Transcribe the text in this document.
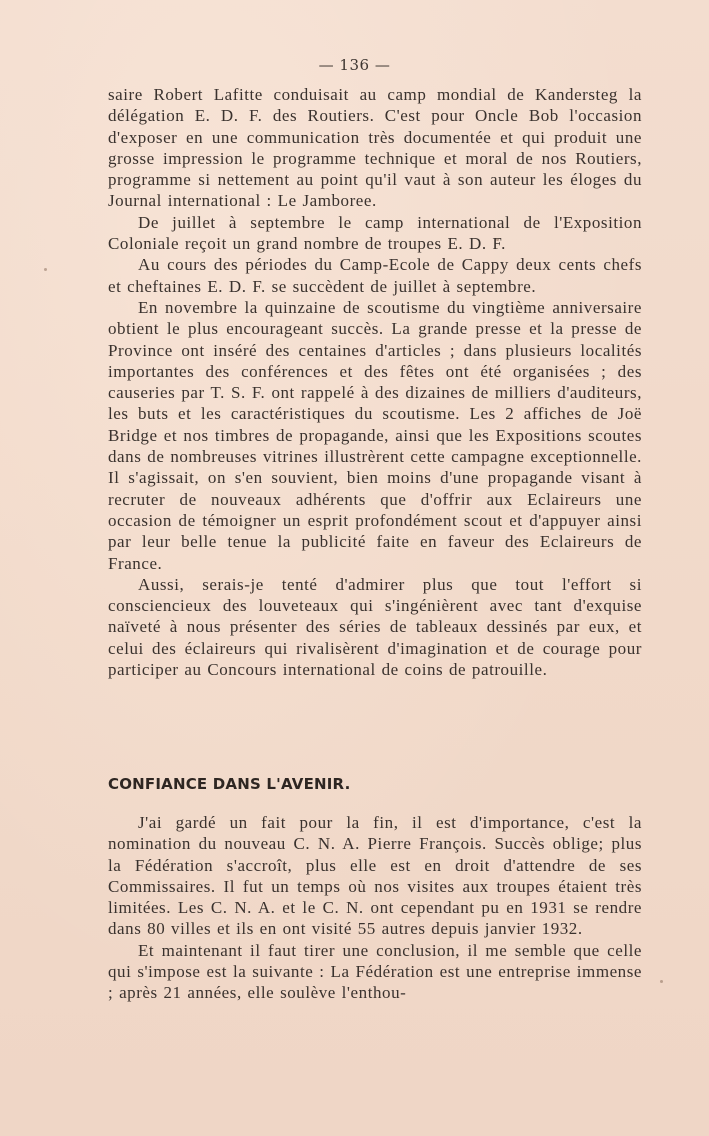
— 136 —

saire Robert Lafitte conduisait au camp mondial de Kandersteg la délégation E. D. F. des Routiers. C'est pour Oncle Bob l'occasion d'exposer en une communication très documentée et qui produit une grosse impression le programme technique et moral de nos Routiers, programme si nettement au point qu'il vaut à son auteur les éloges du Journal international : Le Jamboree.

De juillet à septembre le camp international de l'Exposition Coloniale reçoit un grand nombre de troupes E. D. F.

Au cours des périodes du Camp-Ecole de Cappy deux cents chefs et cheftaines E. D. F. se succèdent de juillet à septembre.

En novembre la quinzaine de scoutisme du vingtième anniversaire obtient le plus encourageant succès. La grande presse et la presse de Province ont inséré des centaines d'articles ; dans plusieurs localités importantes des conférences et des fêtes ont été organisées ; des causeries par T. S. F. ont rappelé à des dizaines de milliers d'auditeurs, les buts et les caractéristiques du scoutisme. Les 2 affiches de Joë Bridge et nos timbres de propagande, ainsi que les Expositions scoutes dans de nombreuses vitrines illustrèrent cette campagne exceptionnelle. Il s'agissait, on s'en souvient, bien moins d'une propagande visant à recruter de nouveaux adhérents que d'offrir aux Eclaireurs une occasion de témoigner un esprit profondément scout et d'appuyer ainsi par leur belle tenue la publicité faite en faveur des Eclaireurs de France.

Aussi, serais-je tenté d'admirer plus que tout l'effort si consciencieux des louveteaux qui s'ingénièrent avec tant d'exquise naïveté à nous présenter des séries de tableaux dessinés par eux, et celui des éclaireurs qui rivalisèrent d'imagination et de courage pour participer au Concours international de coins de patrouille.

CONFIANCE DANS L'AVENIR.

J'ai gardé un fait pour la fin, il est d'importance, c'est la nomination du nouveau C. N. A. Pierre François. Succès oblige; plus la Fédération s'accroît, plus elle est en droit d'attendre de ses Commissaires. Il fut un temps où nos visites aux troupes étaient très limitées. Les C. N. A. et le C. N. ont cependant pu en 1931 se rendre dans 80 villes et ils en ont visité 55 autres depuis janvier 1932.

Et maintenant il faut tirer une conclusion, il me semble que celle qui s'impose est la suivante : La Fédération est une entreprise immense ; après 21 années, elle soulève l'enthou-
